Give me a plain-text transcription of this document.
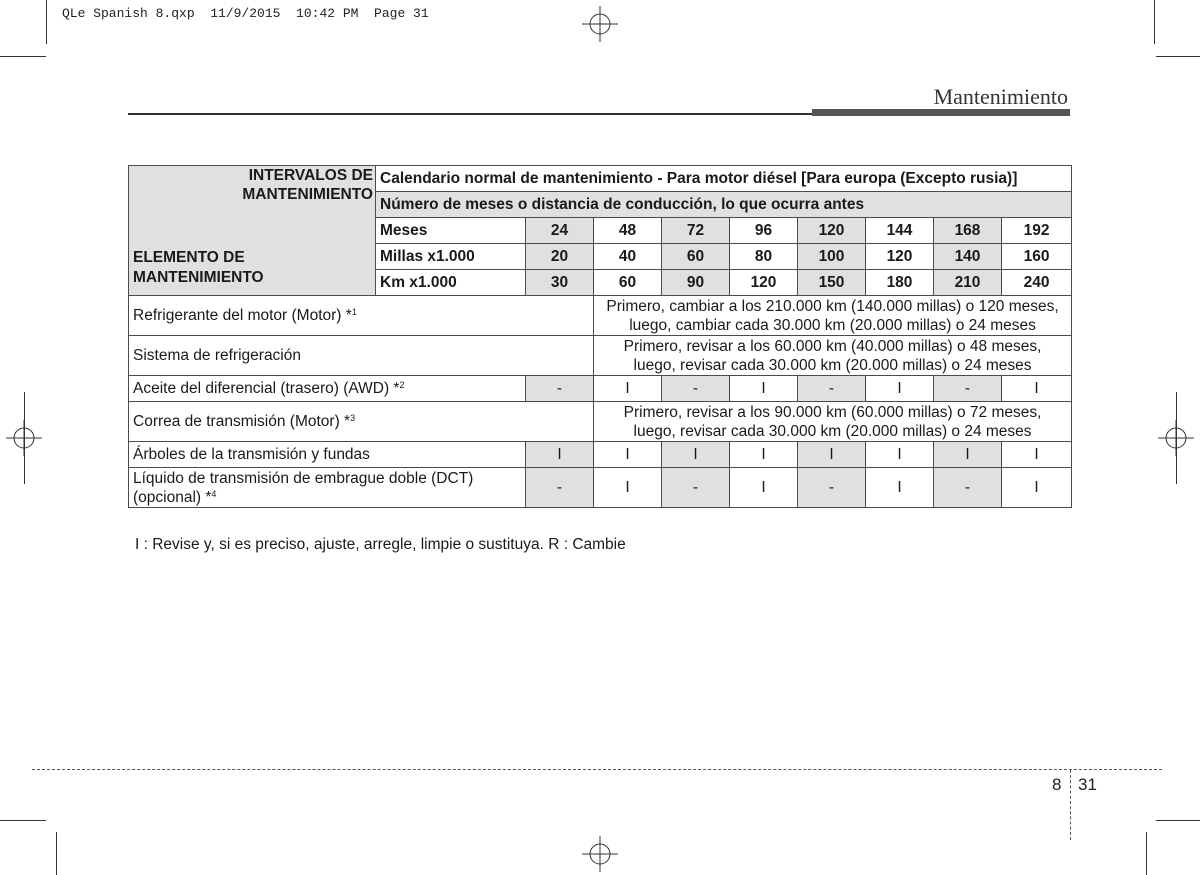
QLe Spanish 8.qxp  11/9/2015  10:42 PM  Page 31
Mantenimiento
INTERVALOS DE MANTENIMIENTO
ELEMENTO DE MANTENIMIENTO	Calendario normal de mantenimiento - Para motor diésel [Para europa (Excepto rusia)]								
	Número de meses o distancia de conducción, lo que ocurra antes								
	Meses	24	48	72	96	120	144	168	192
	Millas x1.000	20	40	60	80	100	120	140	160
	Km x1.000	30	60	90	120	150	180	210	240
Refrigerante del motor (Motor) *$^1$			Primero, cambiar a los 210.000 km (140.000 millas) o 120 meses,
luego, cambiar cada 30.000 km (20.000 millas) o 24 meses						

Sistema de refrigeración			Primero, revisar a los 60.000 km (40.000 millas) o 48 meses,
luego, revisar cada 30.000 km (20.000 millas) o 24 meses						

Aceite del diferencial (trasero) (AWD) *$^2$		-	I	-	I	-	I	-	I
Correa de transmisión (Motor) *$^3$			Primero, revisar a los 90.000 km (60.000 millas) o 72 meses,
luego, revisar cada 30.000 km (20.000 millas) o 24 meses						

Árboles de la transmisión y fundas		I	I	I	I	I	I	I	I

Líquido de transmisión de embrague doble (DCT)
(opcional) *$^4$		-	I	-	I	-	I	-	I
I : Revise y, si es preciso, ajuste, arregle, limpie o sustituya. R : Cambie
8 31
